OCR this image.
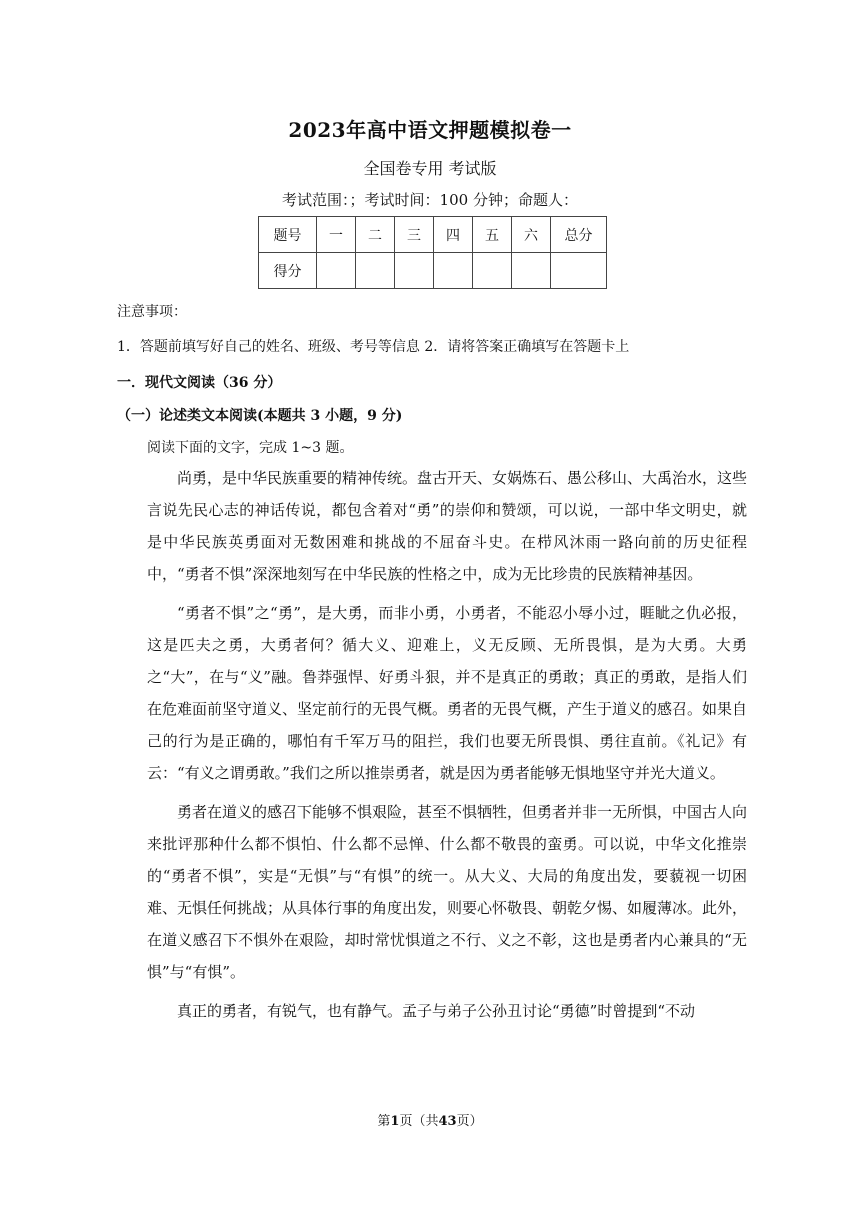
2023年高中语文押题模拟卷一
全国卷专用 考试版
考试范围：；考试时间：100 分钟；命题人：
题号	一	二	三	四	五	六	总分
得分							
注意事项：
1．答题前填写好自己的姓名、班级、考号等信息 2．请将答案正确填写在答题卡上
一．现代文阅读（36 分）
（一）论述类文本阅读(本题共 3 小题，9 分)
阅读下面的文字，完成 1~3 题。

尚勇，是中华民族重要的精神传统。盘古开天、女娲炼石、愚公移山、大禹治水，这些言说先民心志的神话传说，都包含着对“勇”的崇仰和赞颂，可以说，一部中华文明史，就是中华民族英勇面对无数困难和挑战的不屈奋斗史。在栉风沐雨一路向前的历史征程中，“勇者不惧”深深地刻写在中华民族的性格之中，成为无比珍贵的民族精神基因。

“勇者不惧”之“勇”，是大勇，而非小勇，小勇者，不能忍小辱小过，睚眦之仇必报，这是匹夫之勇，大勇者何？循大义、迎难上，义无反顾、无所畏惧，是为大勇。大勇之“大”，在与“义”融。鲁莽强悍、好勇斗狠，并不是真正的勇敢；真正的勇敢，是指人们在危难面前坚守道义、坚定前行的无畏气概。勇者的无畏气概，产生于道义的感召。如果自己的行为是正确的，哪怕有千军万马的阻拦，我们也要无所畏惧、勇往直前。《礼记》有云：“有义之谓勇敢。”我们之所以推崇勇者，就是因为勇者能够无惧地坚守并光大道义。

勇者在道义的感召下能够不惧艰险，甚至不惧牺牲，但勇者并非一无所惧，中国古人向来批评那种什么都不惧怕、什么都不忌惮、什么都不敬畏的蛮勇。可以说，中华文化推崇的“勇者不惧”，实是“无惧”与“有惧”的统一。从大义、大局的角度出发，要藐视一切困难、无惧任何挑战；从具体行事的角度出发，则要心怀敬畏、朝乾夕惕、如履薄冰。此外，在道义感召下不惧外在艰险，却时常忧惧道之不行、义之不彰，这也是勇者内心兼具的“无惧”与“有惧”。

真正的勇者，有锐气，也有静气。孟子与弟子公孙丑讨论“勇德”时曾提到“不动

第1页（共43页）
